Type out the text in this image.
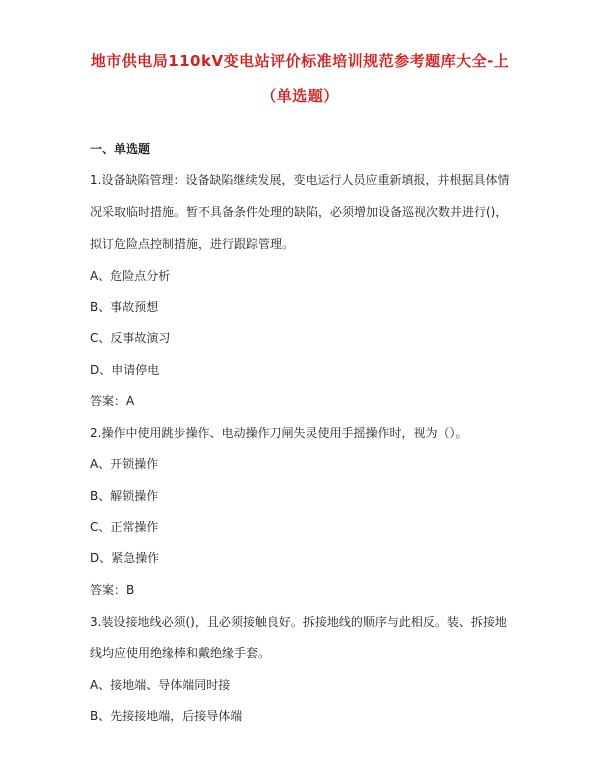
地市供电局110kV变电站评价标准培训规范参考题库大全-上
（单选题）
一、单选题
1.设备缺陷管理：设备缺陷继续发展，变电运行人员应重新填报，并根据具体情
况采取临时措施。暂不具备条件处理的缺陷，必须增加设备巡视次数并进行()，
拟订危险点控制措施，进行跟踪管理。
A、危险点分析
B、事故预想
C、反事故演习
D、申请停电
答案：A
2.操作中使用跳步操作、电动操作刀闸失灵使用手摇操作时，视为（）。
A、开锁操作
B、解锁操作
C、正常操作
D、紧急操作
答案：B
3.装设接地线必须()，且必须接触良好。拆接地线的顺序与此相反。装、拆接地
线均应使用绝缘棒和戴绝缘手套。
A、接地端、导体端同时接
B、先接接地端，后接导体端
